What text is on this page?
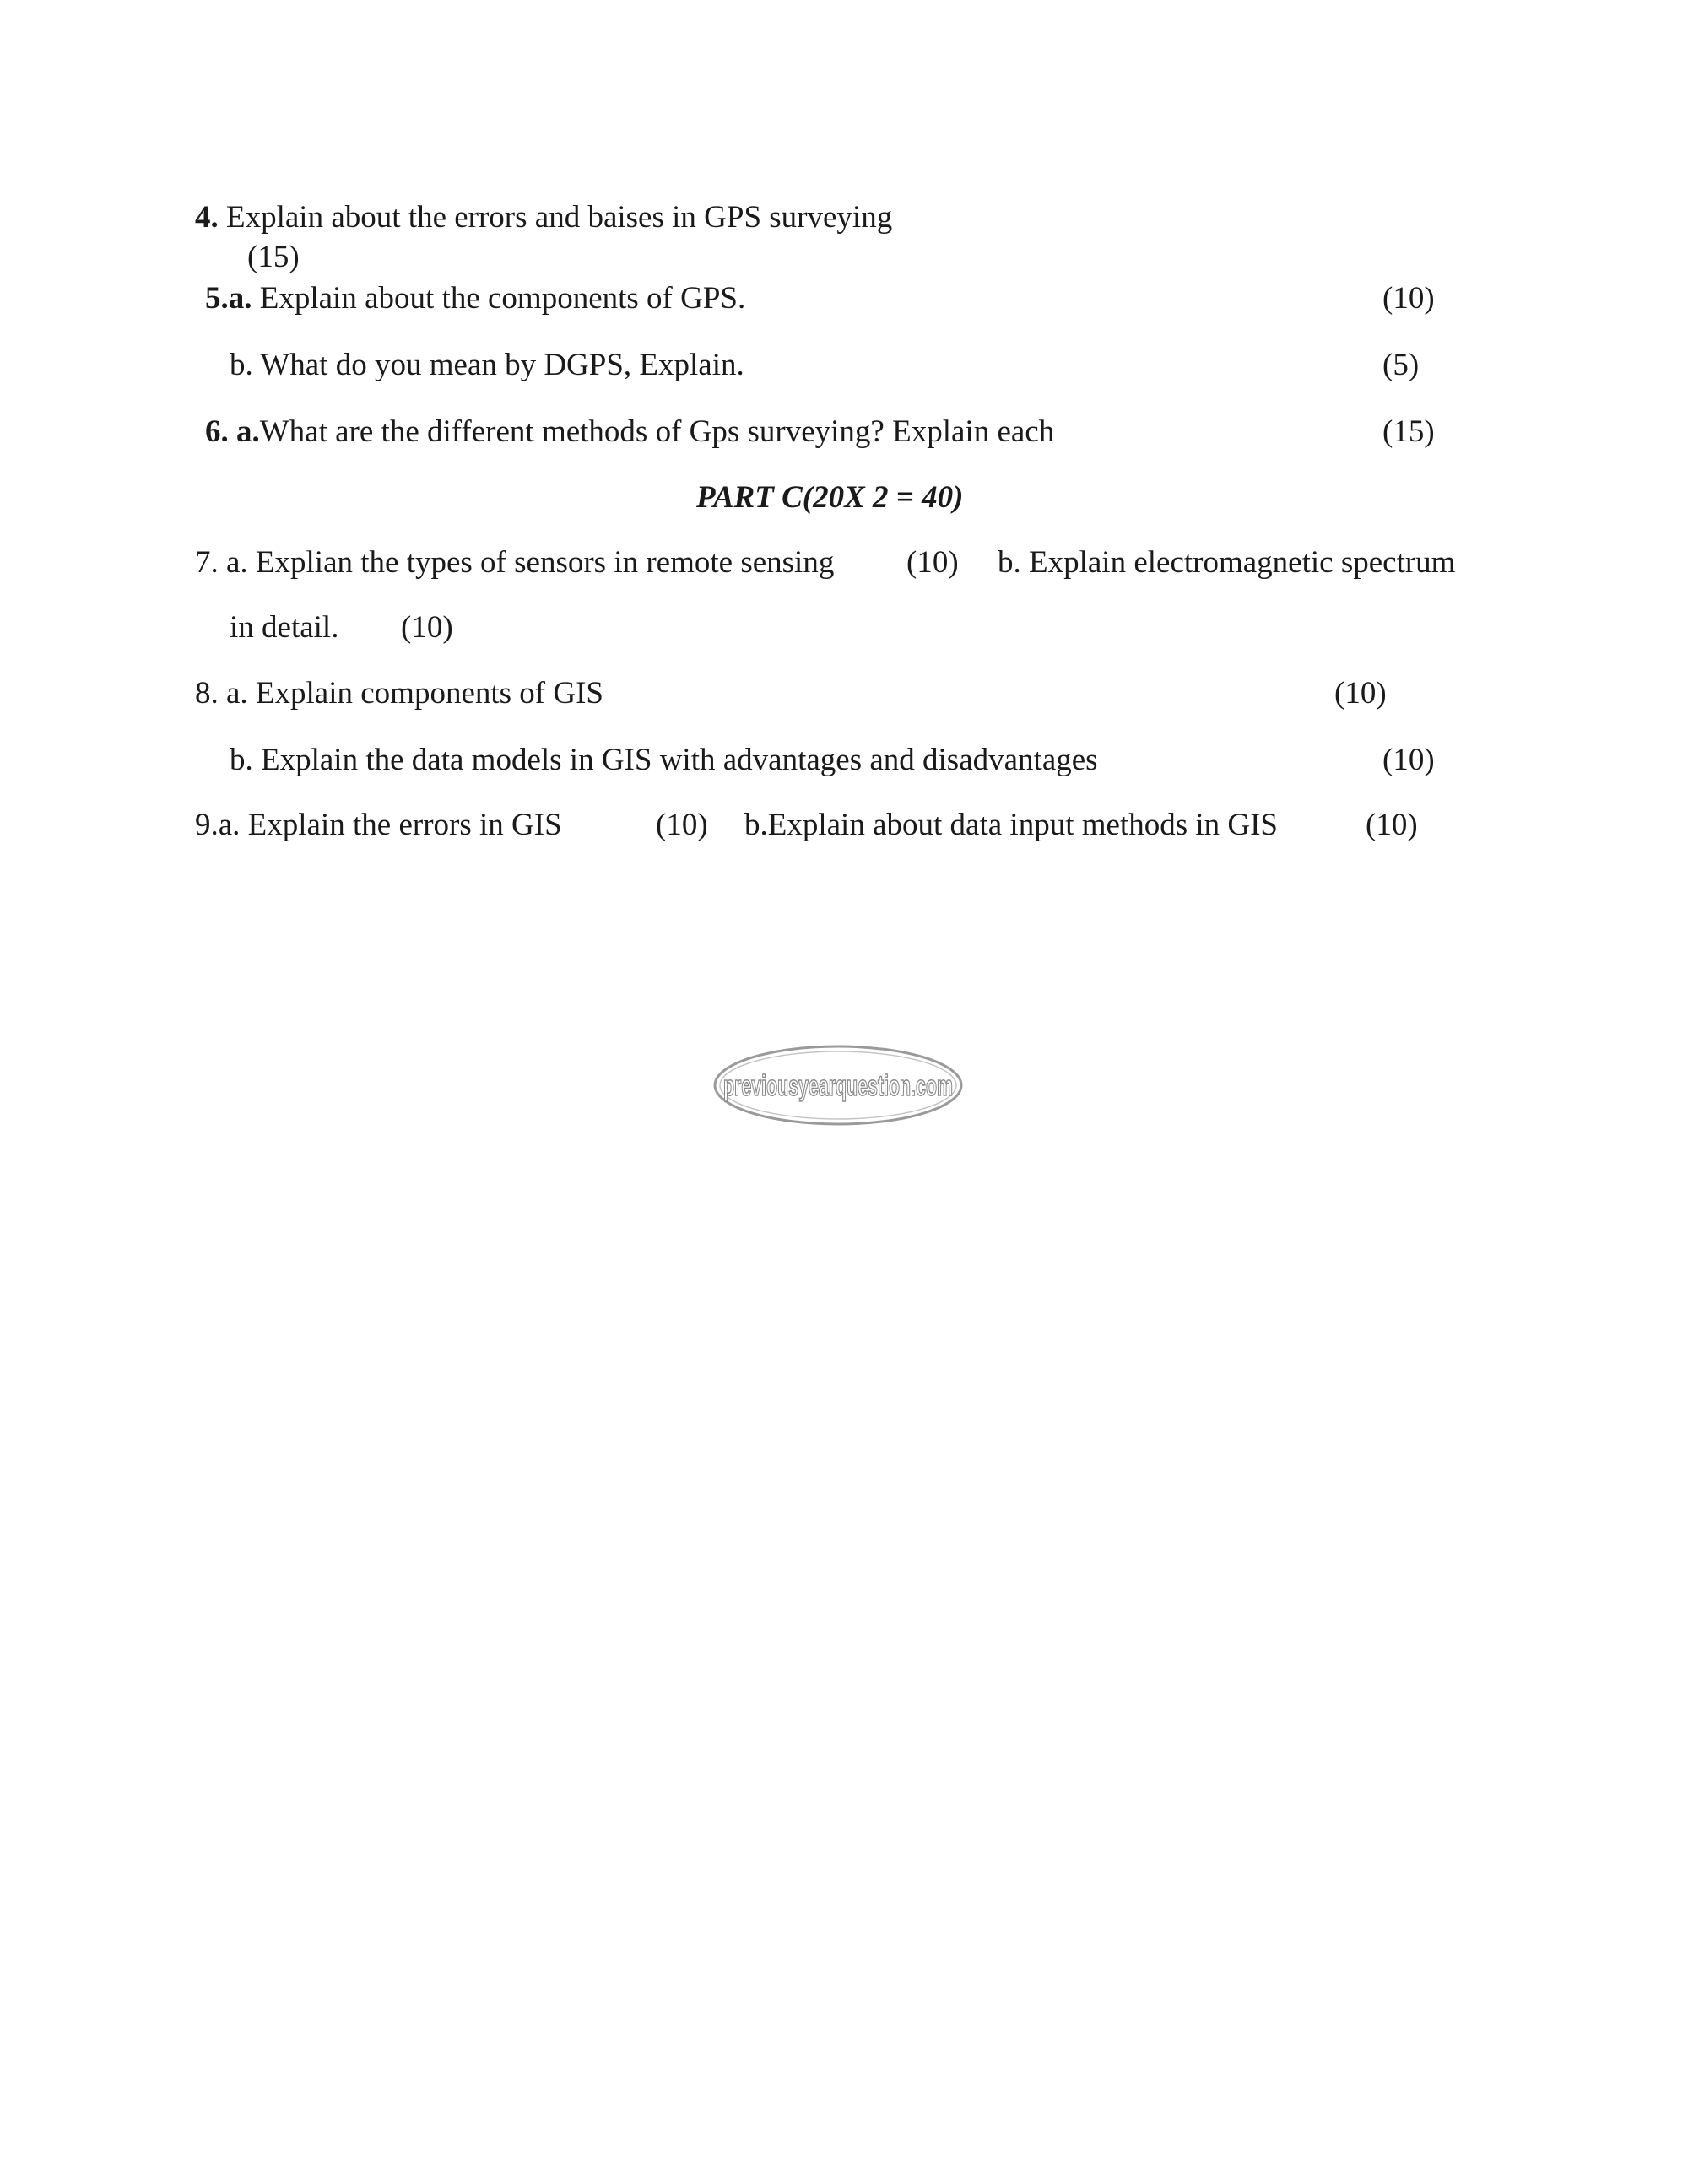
4. Explain about the errors and baises in GPS surveying
(15)
5.a. Explain about the components of GPS.	(10)
b. What do you mean by DGPS, Explain.	(5)
6. a.What are the different methods of Gps surveying? Explain each	(15)
PART C(20X 2 = 40)
7. a. Explian the types of sensors in remote sensing (10) b. Explain electromagnetic spectrum
in detail. (10)
8. a. Explain components of GIS	(10)
b. Explain the data models in GIS with advantages and disadvantages	(10)
9.a. Explain the errors in GIS	(10) b.Explain about data input methods in GIS	(10)
previousyearquestion.com
